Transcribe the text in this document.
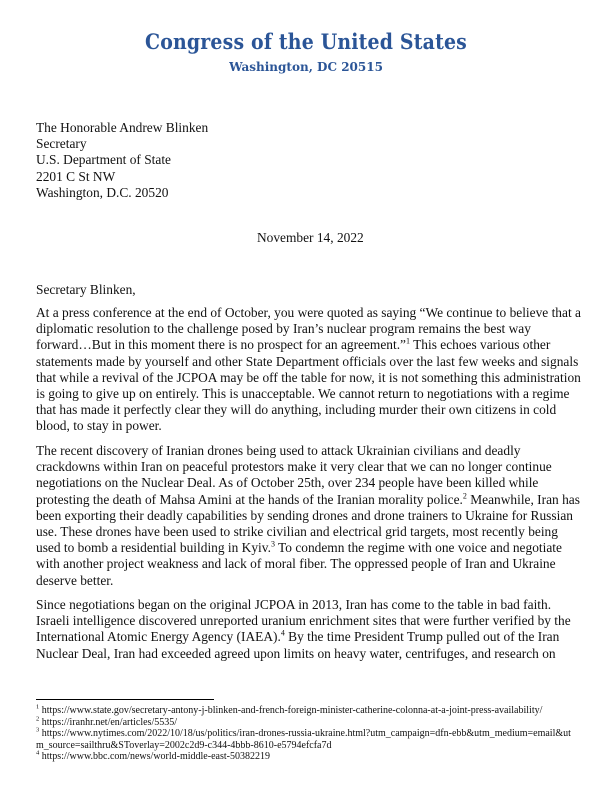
Congress of the United States
Washington, DC 20515
The Honorable Andrew Blinken
Secretary
U.S. Department of State
2201 C St NW
Washington, D.C. 20520
November 14, 2022
Secretary Blinken,

At a press conference at the end of October, you were quoted as saying “We continue to believe that a diplomatic resolution to the challenge posed by Iran’s nuclear program remains the best way forward…But in this moment there is no prospect for an agreement.”$^1$ This echoes various other statements made by yourself and other State Department officials over the last few weeks and signals that while a revival of the JCPOA may be off the table for now, it is not something this administration is going to give up on entirely. This is unacceptable. We cannot return to negotiations with a regime that has made it perfectly clear they will do anything, including murder their own citizens in cold blood, to stay in power.

The recent discovery of Iranian drones being used to attack Ukrainian civilians and deadly crackdowns within Iran on peaceful protestors make it very clear that we can no longer continue negotiations on the Nuclear Deal. As of October 25th, over 234 people have been killed while protesting the death of Mahsa Amini at the hands of the Iranian morality police.$^2$ Meanwhile, Iran has been exporting their deadly capabilities by sending drones and drone trainers to Ukraine for Russian use. These drones have been used to strike civilian and electrical grid targets, most recently being used to bomb a residential building in Kyiv.$^3$ To condemn the regime with one voice and negotiate with another project weakness and lack of moral fiber. The oppressed people of Iran and Ukraine deserve better.

Since negotiations began on the original JCPOA in 2013, Iran has come to the table in bad faith. Israeli intelligence discovered unreported uranium enrichment sites that were further verified by the International Atomic Energy Agency (IAEA).$^4$ By the time President Trump pulled out of the Iran Nuclear Deal, Iran had exceeded agreed upon limits on heavy water, centrifuges, and research on

$^1$ https://www.state.gov/secretary-antony-j-blinken-and-french-foreign-minister-catherine-colonna-at-a-joint-press-availability/
$^2$ https://iranhr.net/en/articles/5535/
$^3$ https://www.nytimes.com/2022/10/18/us/politics/iran-drones-russia-ukraine.html?utm_campaign=dfn-ebb&utm_medium=email&utm_source=sailthru&SToverlay=2002c2d9-c344-4bbb-8610-e5794efcfa7d
$^4$ https://www.bbc.com/news/world-middle-east-50382219
